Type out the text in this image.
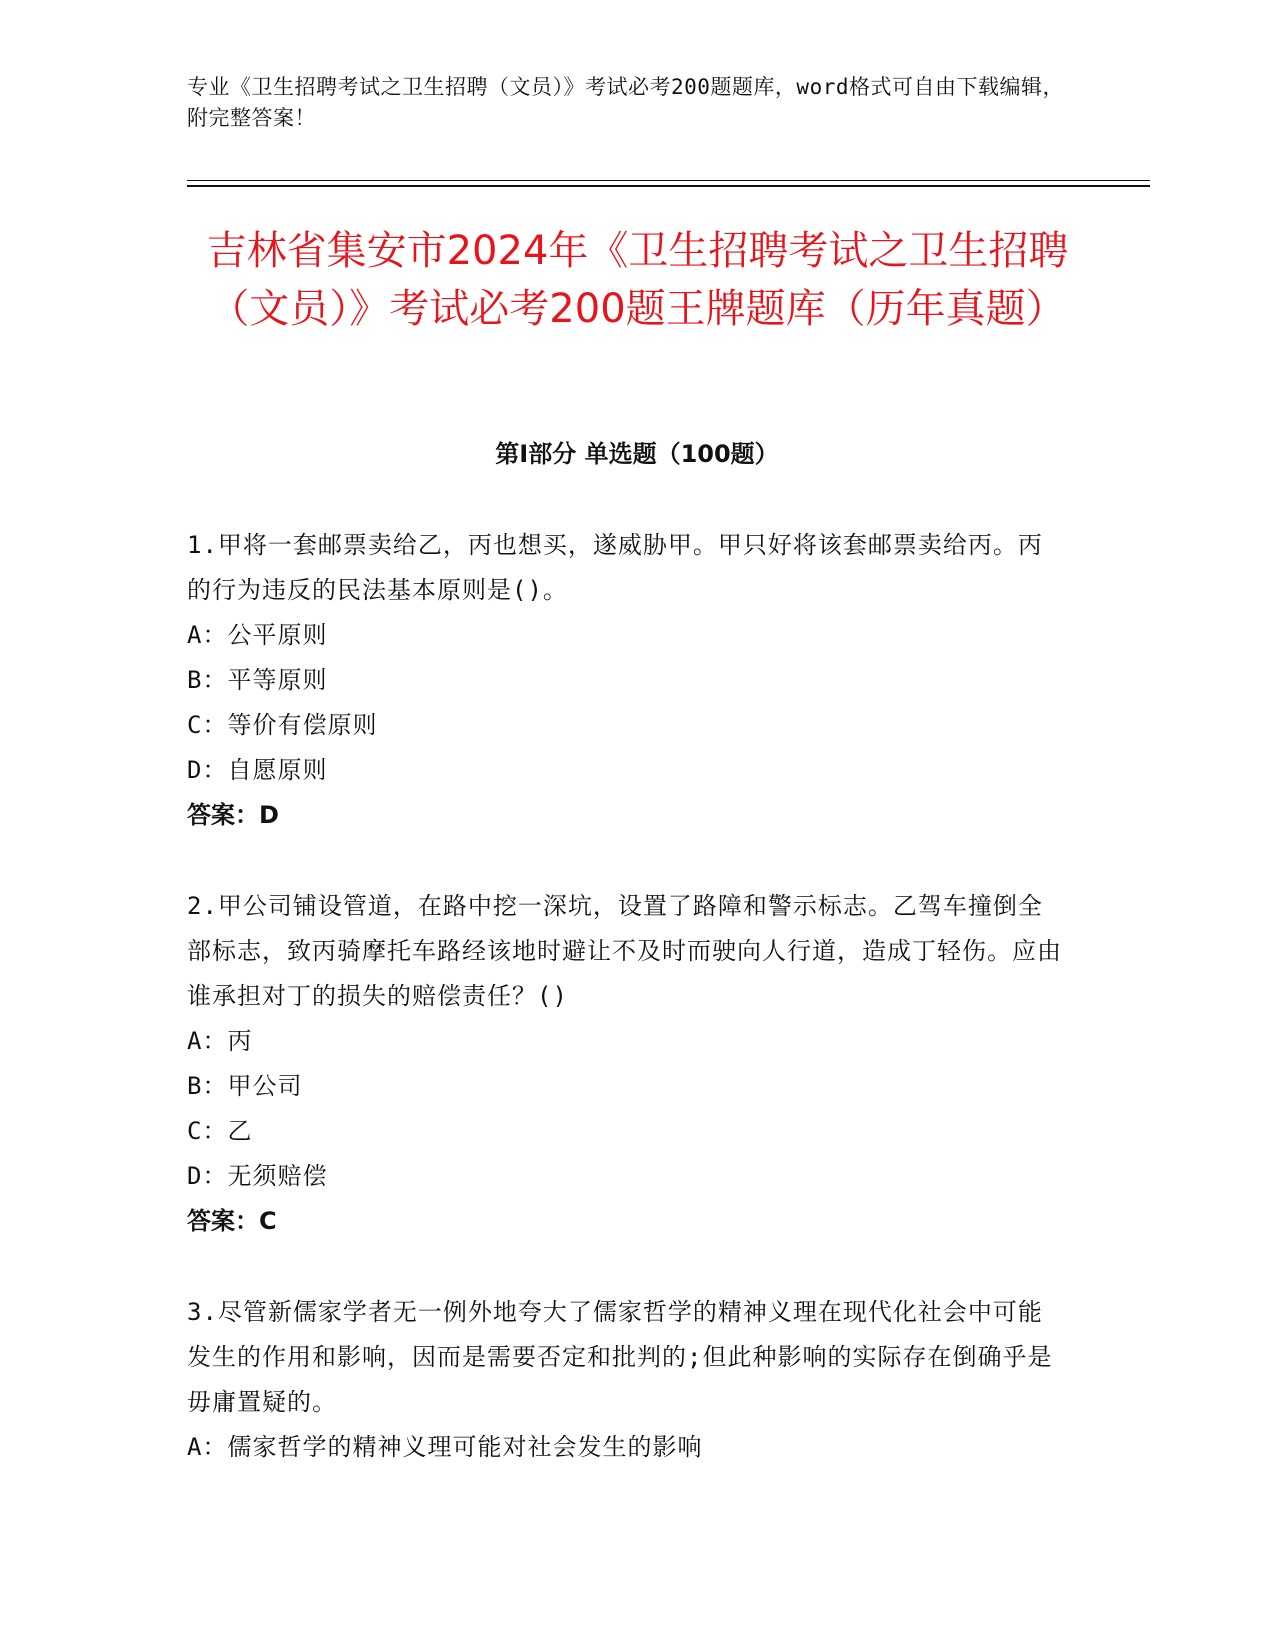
专业《卫生招聘考试之卫生招聘（文员）》考试必考200题题库，word格式可自由下载编辑，附完整答案！
吉林省集安市2024年《卫生招聘考试之卫生招聘（文员）》考试必考200题王牌题库（历年真题）
第Ⅰ部分 单选题（100题）

1.甲将一套邮票卖给乙，丙也想买，遂威胁甲。甲只好将该套邮票卖给丙。丙的行为违反的民法基本原则是()。

A：公平原则

B：平等原则

C：等价有偿原则

D：自愿原则

答案：D

2.甲公司铺设管道，在路中挖一深坑，设置了路障和警示标志。乙驾车撞倒全部标志，致丙骑摩托车路经该地时避让不及时而驶向人行道，造成丁轻伤。应由谁承担对丁的损失的赔偿责任？()

A：丙

B：甲公司

C：乙

D：无须赔偿

答案：C

3.尽管新儒家学者无一例外地夸大了儒家哲学的精神义理在现代化社会中可能发生的作用和影响，因而是需要否定和批判的;但此种影响的实际存在倒确乎是毋庸置疑的。

A：儒家哲学的精神义理可能对社会发生的影响
